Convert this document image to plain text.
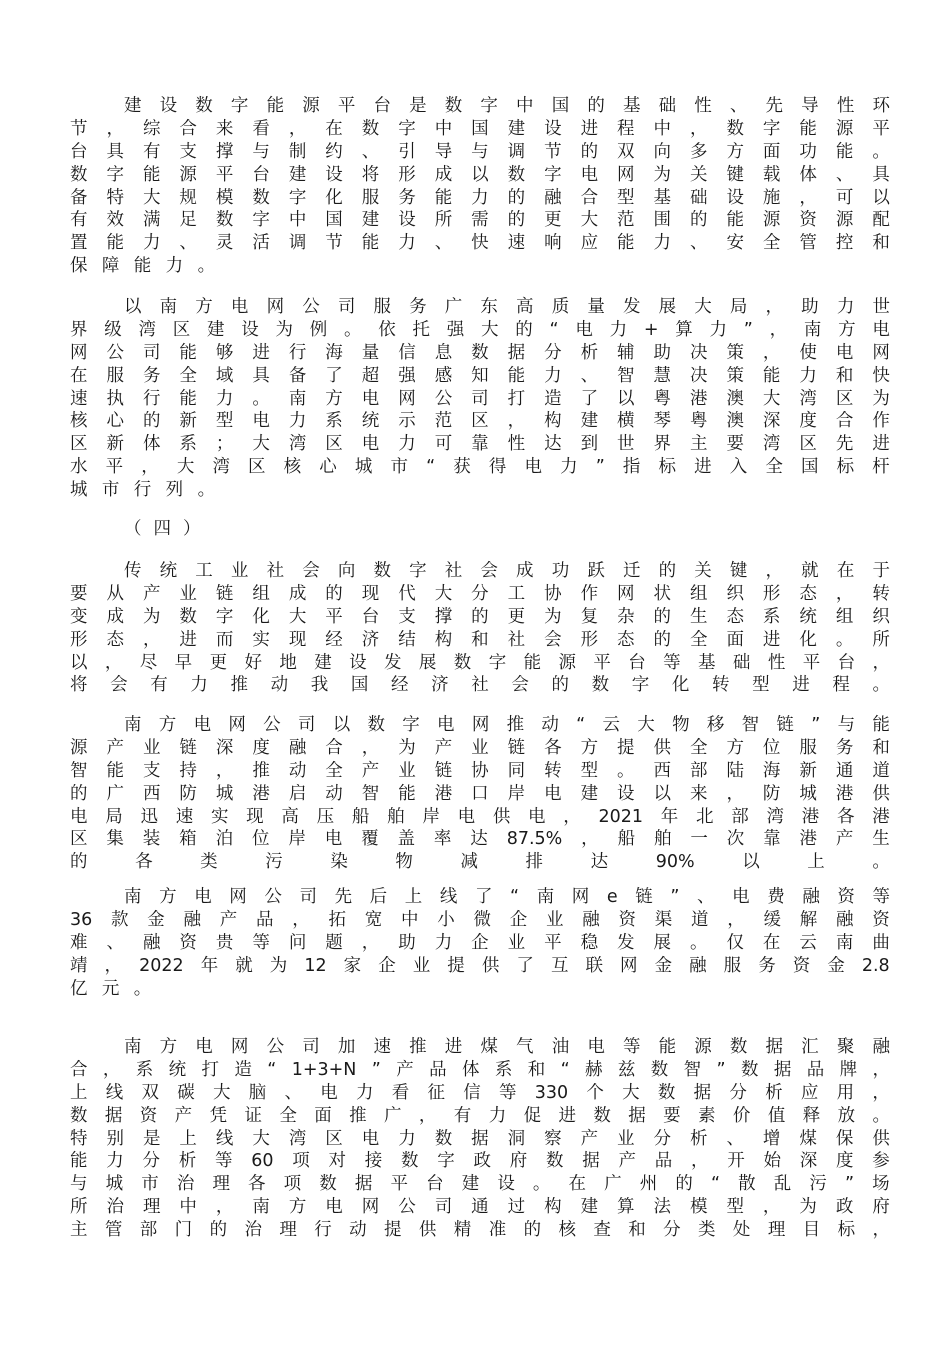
建 设 数 字 能 源 平 台 是 数 字 中 国 的 基 础 性 、 先 导 性 环
节 ， 综 合 来 看 ， 在 数 字 中 国 建 设 进 程 中 ， 数 字 能 源 平
台 具 有 支 撑 与 制 约 、 引 导 与 调 节 的 双 向 多 方 面 功 能 。
数 字 能 源 平 台 建 设 将 形 成 以 数 字 电 网 为 关 键 载 体 、 具
备 特 大 规 模 数 字 化 服 务 能 力 的 融 合 型 基 础 设 施 ， 可 以
有 效 满 足 数 字 中 国 建 设 所 需 的 更 大 范 围 的 能 源 资 源 配
置 能 力 、 灵 活 调 节 能 力 、 快 速 响 应 能 力 、 安 全 管 控 和
保 障 能 力 。
以 南 方 电 网 公 司 服 务 广 东 高 质 量 发 展 大 局 ， 助 力 世
界 级 湾 区 建 设 为 例 。 依 托 强 大 的 “ 电 力 + 算 力 ” ， 南 方 电
网 公 司 能 够 进 行 海 量 信 息 数 据 分 析 辅 助 决 策 ， 使 电 网
在 服 务 全 域 具 备 了 超 强 感 知 能 力 、 智 慧 决 策 能 力 和 快
速 执 行 能 力 。 南 方 电 网 公 司 打 造 了 以 粤 港 澳 大 湾 区 为
核 心 的 新 型 电 力 系 统 示 范 区 ， 构 建 横 琴 粤 澳 深 度 合 作
区 新 体 系 ； 大 湾 区 电 力 可 靠 性 达 到 世 界 主 要 湾 区 先 进
水 平 ， 大 湾 区 核 心 城 市 “ 获 得 电 力 ” 指 标 进 入 全 国 标 杆
城 市 行 列 。
（四）
传 统 工 业 社 会 向 数 字 社 会 成 功 跃 迁 的 关 键 ， 就 在 于
要 从 产 业 链 组 成 的 现 代 大 分 工 协 作 网 状 组 织 形 态 ， 转
变 成 为 数 字 化 大 平 台 支 撑 的 更 为 复 杂 的 生 态 系 统 组 织
形 态 ， 进 而 实 现 经 济 结 构 和 社 会 形 态 的 全 面 进 化 。 所
以 ， 尽 早 更 好 地 建 设 发 展 数 字 能 源 平 台 等 基 础 性 平 台 ，
将 会 有 力 推 动 我 国 经 济 社 会 的 数 字 化 转 型 进 程 。
南 方 电 网 公 司 以 数 字 电 网 推 动 “ 云 大 物 移 智 链 ” 与 能
源 产 业 链 深 度 融 合 ， 为 产 业 链 各 方 提 供 全 方 位 服 务 和
智 能 支 持 ， 推 动 全 产 业 链 协 同 转 型 。 西 部 陆 海 新 通 道
的 广 西 防 城 港 启 动 智 能 港 口 岸 电 建 设 以 来 ， 防 城 港 供
电 局 迅 速 实 现 高 压 船 舶 岸 电 供 电 ， 2021 年 北 部 湾 港 各 港
区 集 装 箱 泊 位 岸 电 覆 盖 率 达 87.5% ， 船 舶 一 次 靠 港 产 生
的	各	类	污	染	物	减	排	达	90%	以	上	。
南 方 电 网 公 司 先 后 上 线 了 “ 南 网 e 链 ” 、 电 费 融 资 等
36 款 金 融 产 品 ， 拓 宽 中 小 微 企 业 融 资 渠 道 ， 缓 解 融 资
难 、 融 资 贵 等 问 题 ， 助 力 企 业 平 稳 发 展 。 仅 在 云 南 曲
靖 ， 2022 年 就 为 12 家 企 业 提 供 了 互 联 网 金 融 服 务 资 金 2.8
亿 元 。
南 方 电 网 公 司 加 速 推 进 煤 气 油 电 等 能 源 数 据 汇 聚 融
合 ， 系 统 打 造 “ 1+3+N ” 产 品 体 系 和 “ 赫 兹 数 智 ” 数 据 品 牌 ，
上 线 双 碳 大 脑 、 电 力 看 征 信 等 330 个 大 数 据 分 析 应 用 ，
数 据 资 产 凭 证 全 面 推 广 ， 有 力 促 进 数 据 要 素 价 值 释 放 。
特 别 是 上 线 大 湾 区 电 力 数 据 洞 察 产 业 分 析 、 增 煤 保 供
能 力 分 析 等 60 项 对 接 数 字 政 府 数 据 产 品 ， 开 始 深 度 参
与 城 市 治 理 各 项 数 据 平 台 建 设 。 在 广 州 的 “ 散 乱 污 ” 场
所 治 理 中 ， 南 方 电 网 公 司 通 过 构 建 算 法 模 型 ， 为 政 府
主 管 部 门 的 治 理 行 动 提 供 精 准 的 核 查 和 分 类 处 理 目 标 ，
